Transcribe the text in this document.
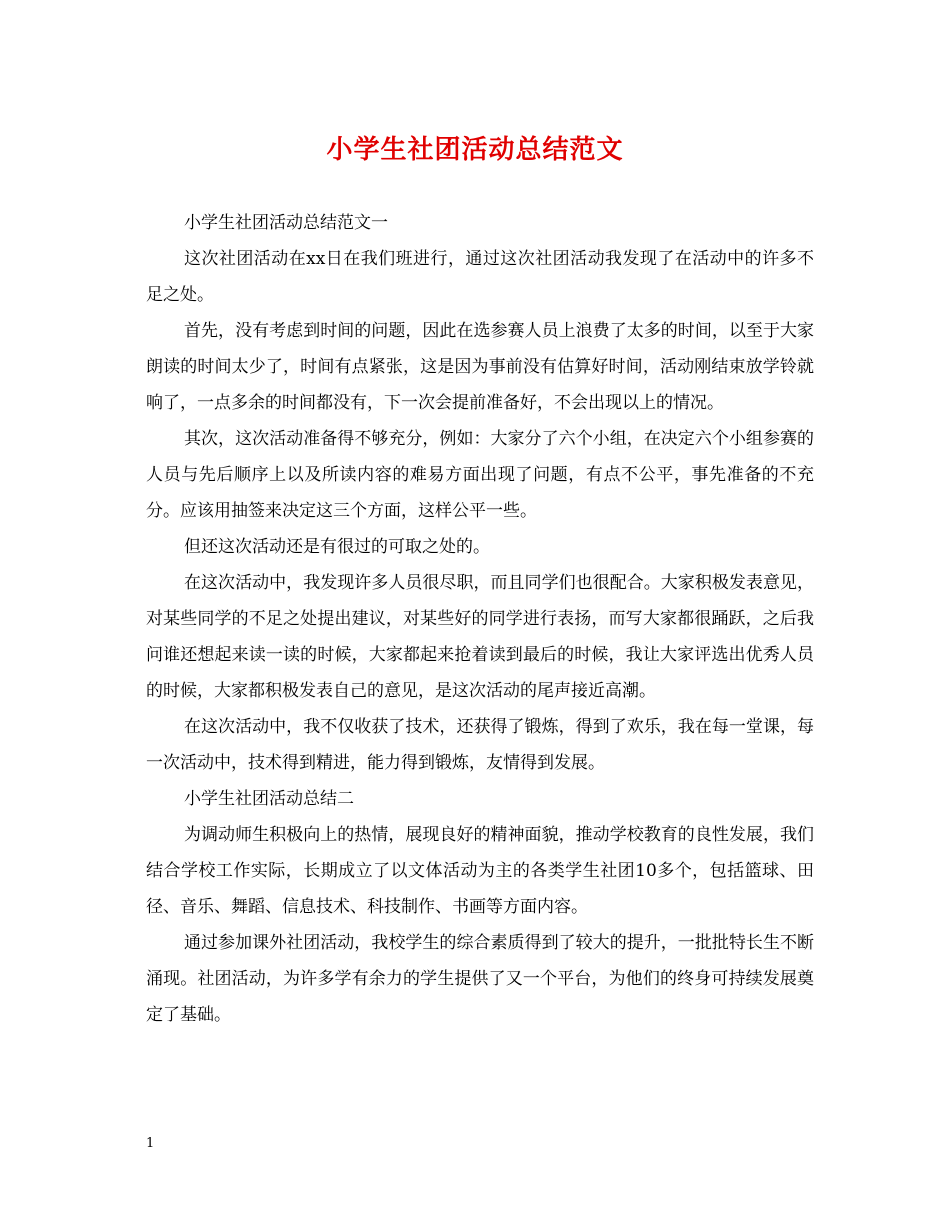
小学生社团活动总结范文

小学生社团活动总结范文一

这次社团活动在xx日在我们班进行，通过这次社团活动我发现了在活动中的许多不足之处。

首先，没有考虑到时间的问题，因此在选参赛人员上浪费了太多的时间，以至于大家朗读的时间太少了，时间有点紧张，这是因为事前没有估算好时间，活动刚结束放学铃就响了，一点多余的时间都没有，下一次会提前准备好，不会出现以上的情况。

其次，这次活动准备得不够充分，例如：大家分了六个小组，在决定六个小组参赛的人员与先后顺序上以及所读内容的难易方面出现了问题，有点不公平，事先准备的不充分。应该用抽签来决定这三个方面，这样公平一些。

但还这次活动还是有很过的可取之处的。

在这次活动中，我发现许多人员很尽职，而且同学们也很配合。大家积极发表意见，对某些同学的不足之处提出建议，对某些好的同学进行表扬，而写大家都很踊跃，之后我问谁还想起来读一读的时候，大家都起来抢着读到最后的时候，我让大家评选出优秀人员的时候，大家都积极发表自己的意见，是这次活动的尾声接近高潮。

在这次活动中，我不仅收获了技术，还获得了锻炼，得到了欢乐，我在每一堂课，每一次活动中，技术得到精进，能力得到锻炼，友情得到发展。

小学生社团活动总结二

为调动师生积极向上的热情，展现良好的精神面貌，推动学校教育的良性发展，我们结合学校工作实际，长期成立了以文体活动为主的各类学生社团10多个，包括篮球、田径、音乐、舞蹈、信息技术、科技制作、书画等方面内容。

通过参加课外社团活动，我校学生的综合素质得到了较大的提升，一批批特长生不断涌现。社团活动，为许多学有余力的学生提供了又一个平台，为他们的终身可持续发展奠定了基础。

1
